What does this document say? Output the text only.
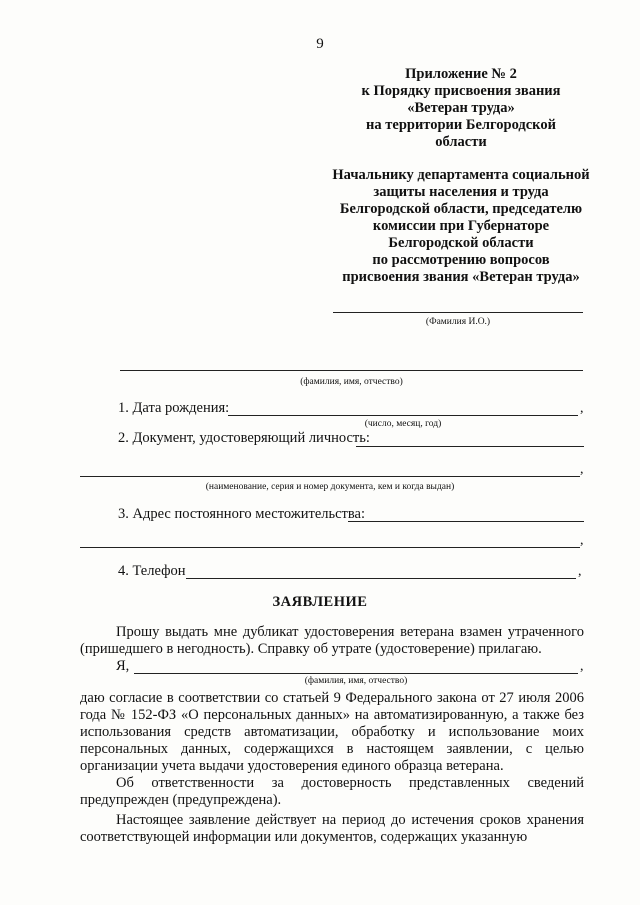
9
Приложение № 2
к Порядку присвоения звания
«Ветеран труда»
на территории Белгородской
области
Начальнику департамента социальной
защиты населения и труда
Белгородской области, председателю
комиссии при Губернаторе
Белгородской области
по рассмотрению вопросов
присвоения звания «Ветеран труда»
(Фамилия И.О.)
(фамилия, имя, отчество)
1. Дата рождения:	,
(число, месяц, год)
2. Документ, удостоверяющий личность:
,
(наименование, серия и номер документа, кем и когда выдан)
3. Адрес постоянного местожительства:
,
4. Телефон	,
ЗАЯВЛЕНИЕ
Прошу выдать мне дубликат удостоверения ветерана взамен утраченного (пришедшего в негодность). Справку об утрате (удостоверение) прилагаю.
Я,	,
(фамилия, имя, отчество)
даю согласие в соответствии со статьей 9 Федерального закона от 27 июля 2006 года № 152-ФЗ «О персональных данных» на автоматизированную, а также без использования средств автоматизации, обработку и использование моих персональных данных, содержащихся в настоящем заявлении, с целью организации учета выдачи удостоверения единого образца ветерана.
Об ответственности за достоверность представленных сведений предупрежден (предупреждена).
Настоящее заявление действует на период до истечения сроков хранения соответствующей информации или документов, содержащих указанную
